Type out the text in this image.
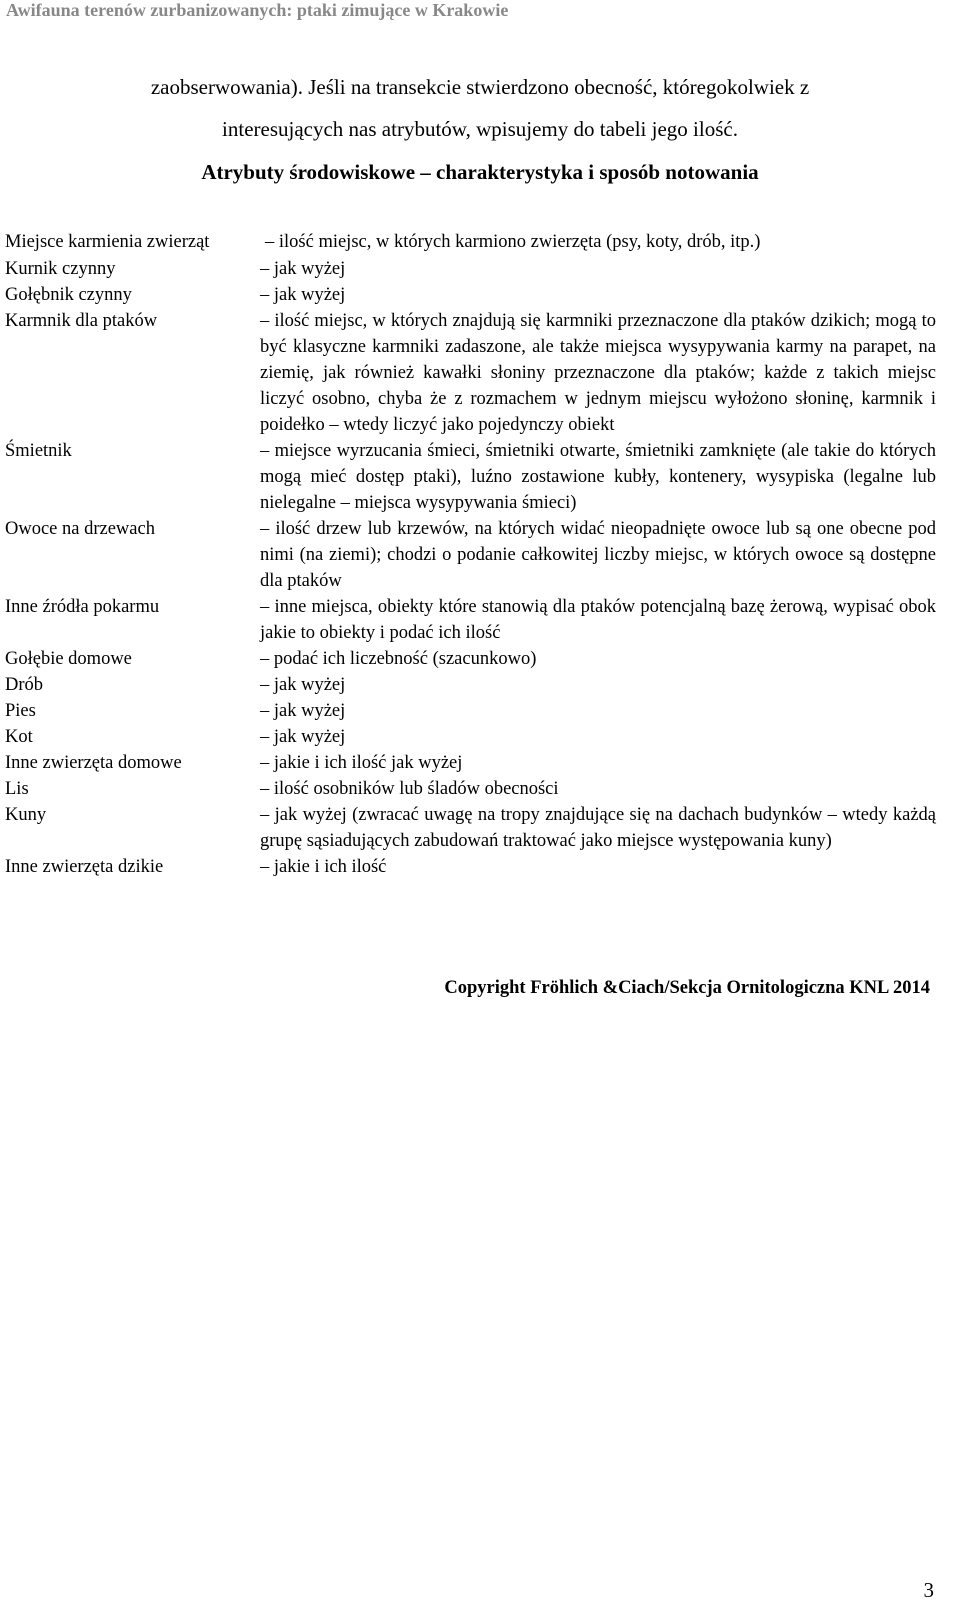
Awifauna terenów zurbanizowanych: ptaki zimujące w Krakowie
zaobserwowania). Jeśli na transekcie stwierdzono obecność, któregokolwiek z
interesujących nas atrybutów, wpisujemy do tabeli jego ilość.
Atrybuty środowiskowe – charakterystyka i sposób notowania
Miejsce karmienia zwierząt	– ilość miejsc, w których karmiono zwierzęta (psy, koty, drób, itp.)
Kurnik czynny	– jak wyżej
Gołębnik czynny	– jak wyżej
Karmnik dla ptaków	– ilość miejsc, w których znajdują się karmniki przeznaczone dla ptaków dzikich; mogą to być klasyczne karmniki zadaszone, ale także miejsca wysypywania karmy na parapet, na ziemię, jak również kawałki słoniny przeznaczone dla ptaków; każde z takich miejsc liczyć osobno, chyba że z rozmachem w jednym miejscu wyłożono słoninę, karmnik i poidełko – wtedy liczyć jako pojedynczy obiekt
Śmietnik	– miejsce wyrzucania śmieci, śmietniki otwarte, śmietniki zamknięte (ale takie do których mogą mieć dostęp ptaki), luźno zostawione kubły, kontenery, wysypiska (legalne lub nielegalne – miejsca wysypywania śmieci)
Owoce na drzewach	– ilość drzew lub krzewów, na których widać nieopadnięte owoce lub są one obecne pod nimi (na ziemi); chodzi o podanie całkowitej liczby miejsc, w których owoce są dostępne dla ptaków
Inne źródła pokarmu	– inne miejsca, obiekty które stanowią dla ptaków potencjalną bazę żerową, wypisać obok jakie to obiekty i podać ich ilość
Gołębie domowe	– podać ich liczebność (szacunkowo)
Drób	– jak wyżej
Pies	– jak wyżej
Kot	– jak wyżej
Inne zwierzęta domowe	– jakie i ich ilość jak wyżej
Lis	– ilość osobników lub śladów obecności
Kuny	– jak wyżej (zwracać uwagę na tropy znajdujące się na dachach budynków – wtedy każdą grupę sąsiadujących zabudowań traktować jako miejsce występowania kuny)
Inne zwierzęta dzikie	– jakie i ich ilość
Copyright Fröhlich &Ciach/Sekcja Ornitologiczna KNL 2014
3
